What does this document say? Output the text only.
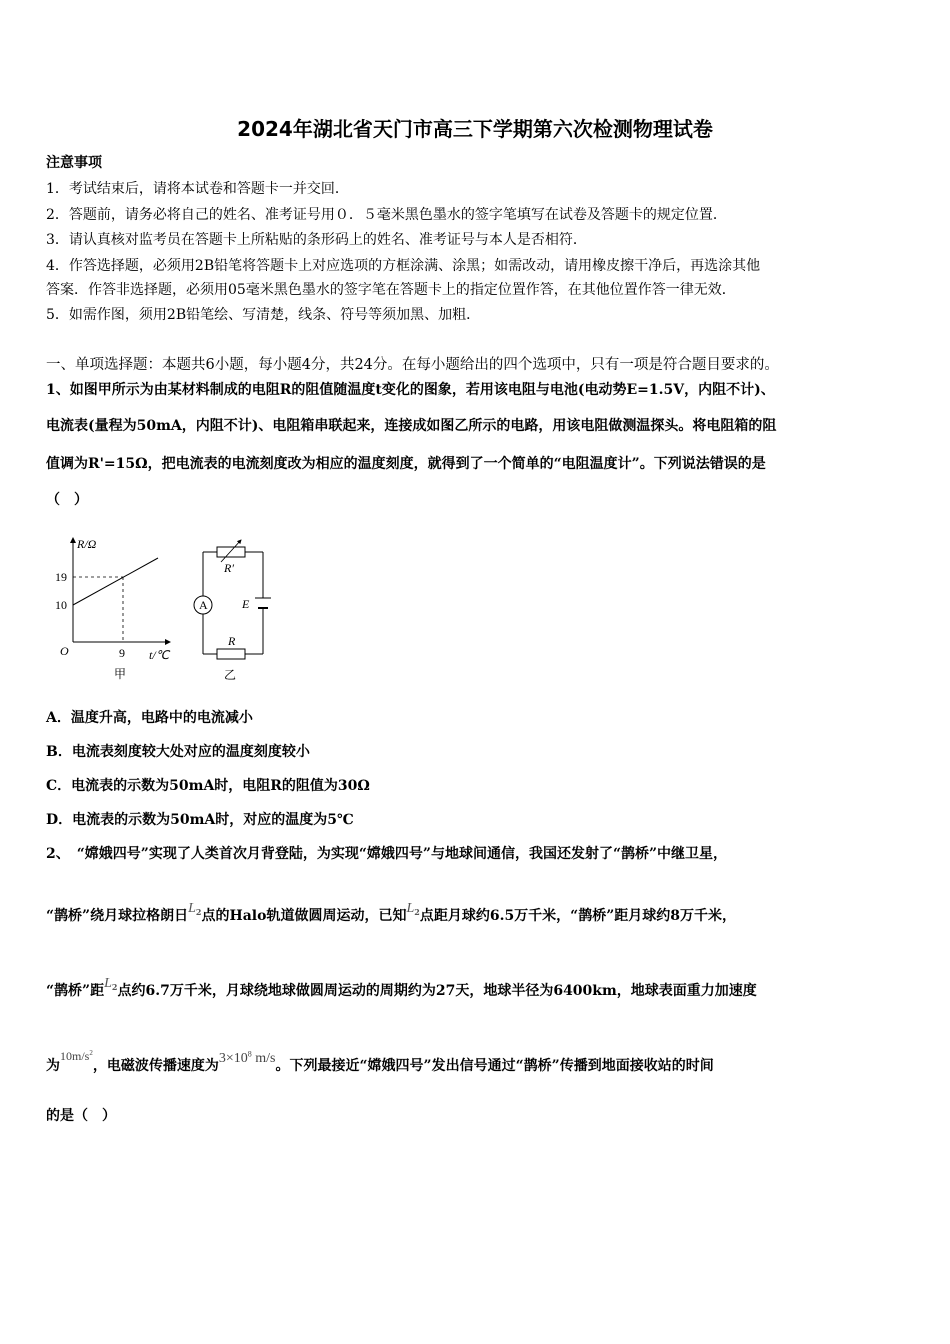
2024年湖北省天门市高三下学期第六次检测物理试卷
注意事项
1．考试结束后，请将本试卷和答题卡一并交回．
2．答题前，请务必将自己的姓名、准考证号用０．５毫米黑色墨水的签字笔填写在试卷及答题卡的规定位置．
3．请认真核对监考员在答题卡上所粘贴的条形码上的姓名、准考证号与本人是否相符．
4．作答选择题，必须用2B铅笔将答题卡上对应选项的方框涂满、涂黑；如需改动，请用橡皮擦干净后，再选涂其他
答案．作答非选择题，必须用05毫米黑色墨水的签字笔在答题卡上的指定位置作答，在其他位置作答一律无效．
5．如需作图，须用2B铅笔绘、写清楚，线条、符号等须加黑、加粗．
一、单项选择题：本题共6小题，每小题4分，共24分。在每小题给出的四个选项中，只有一项是符合题目要求的。
1、如图甲所示为由某材料制成的电阻R的阻值随温度t变化的图象，若用该电阻与电池(电动势E=1.5V，内阻不计)、
电流表(量程为50mA，内阻不计)、电阻箱串联起来，连接成如图乙所示的电路，用该电阻做测温探头。将电阻箱的阻
值调为R'=15Ω，把电流表的电流刻度改为相应的温度刻度，就得到了一个简单的“电阻温度计”。下列说法错误的是
（　）
R/Ω
19
10
O	9 t/℃
甲
R′
A	E
R
乙
A．温度升高，电路中的电流减小
B．电流表刻度较大处对应的温度刻度较小
C．电流表的示数为50mA时，电阻R的阻值为30Ω
D．电流表的示数为50mA时，对应的温度为5℃
2、　“嫦娥四号”实现了人类首次月背登陆，为实现“嫦娥四号”与地球间通信，我国还发射了“鹊桥”中继卫星，
“鹊桥”绕月球拉格朗日$L_2$点的Halo轨道做圆周运动，已知$L_2$点距月球约6.5万千米，“鹊桥”距月球约8万千米，
“鹊桥”距$L_2$点约6.7万千米，月球绕地球做圆周运动的周期约为27天，地球半径为6400km，地球表面重力加速度
为$10m/s^2$，电磁波传播速度为$3\times 10^8$ m/s。下列最接近“嫦娥四号”发出信号通过“鹊桥”传播到地面接收站的时间
的是（　）
